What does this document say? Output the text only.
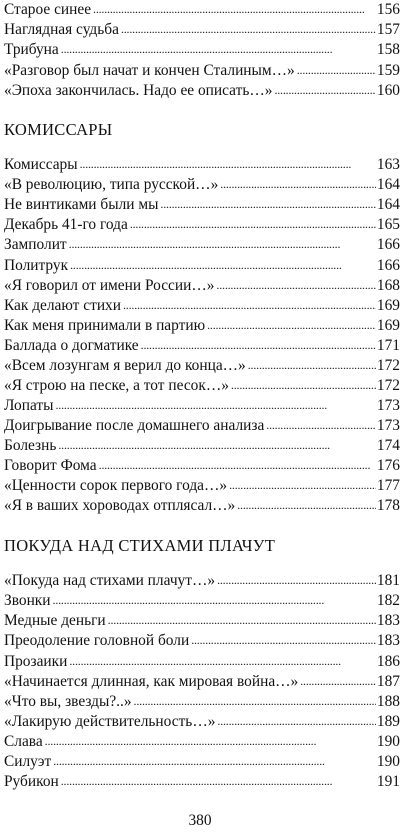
Старое синее . . .	156
Наглядная судьба . . .	157
Трибуна . . .	158
«Разговор был начат и кончен Сталиным…» . . .	159
«Эпоха закончилась. Надо ее описать…» . . .	160
КОМИССАРЫ
Комиссары . . .	163
«В революцию, типа русской…» . . .	164
Не винтиками были мы . . .	164
Декабрь 41-го года . . .	165
Замполит . . .	166
Политрук . . .	166
«Я говорил от имени России…» . . .	168
Как делают стихи . . .	169
Как меня принимали в партию . . .	169
Баллада о догматике . . .	171
«Всем лозунгам я верил до конца…» . . .	172
«Я строю на песке, а тот песок…» . . .	172
Лопаты . . .	173
Доигрывание после домашнего анализа . . .	173
Болезнь . . .	174
Говорит Фома . . .	176
«Ценности сорок первого года…» . . .	177
«Я в ваших хороводах отплясал…» . . .	178
ПОКУДА НАД СТИХАМИ ПЛАЧУТ
«Покуда над стихами плачут…» . . .	181
Звонки . . .	182
Медные деньги . . .	183
Преодоление головной боли . . .	183
Прозаики . . .	186
«Начинается длинная, как мировая война…» . . .	187
«Что вы, звезды?..» . . .	188
«Лакирую действительность…» . . .	189
Слава . . .	190
Силуэт . . .	190
Рубикон . . .	191
380
